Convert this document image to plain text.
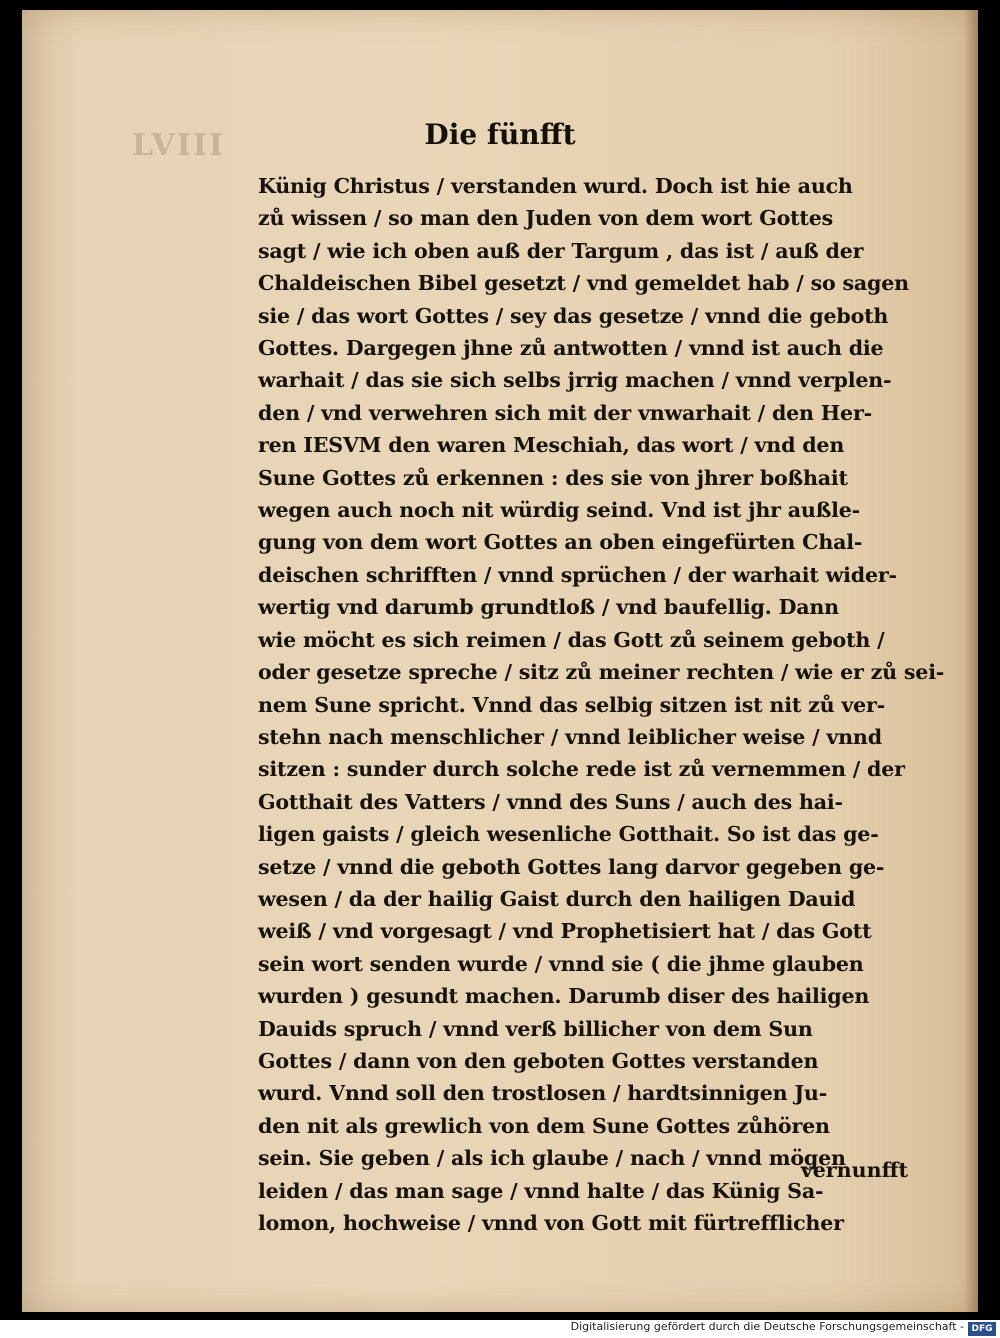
LVIII	Die fünfft
Künig Christus / verstanden wurd. Doch ist hie auch
zů wissen / so man den Juden von dem wort Gottes
sagt / wie ich oben auß der Targum , das ist / auß der
Chaldeischen Bibel gesetzt / vnd gemeldet hab / so sagen
sie / das wort Gottes / sey das gesetze / vnnd die geboth
Gottes. Dargegen jhne zů antwotten / vnnd ist auch die
warhait / das sie sich selbs jrrig machen / vnnd verplen-
den / vnd verwehren sich mit der vnwarhait / den Her-
ren IESVM den waren Meschiah, das wort / vnd den
Sune Gottes zů erkennen : des sie von jhrer boßhait
wegen auch noch nit würdig seind. Vnd ist jhr außle-
gung von dem wort Gottes an oben eingefürten Chal-
deischen schrifften / vnnd sprüchen / der warhait wider-
wertig vnd darumb grundtloß / vnd baufellig. Dann
wie möcht es sich reimen / das Gott zů seinem geboth /
oder gesetze spreche / sitz zů meiner rechten / wie er zů sei-
nem Sune spricht. Vnnd das selbig sitzen ist nit zů ver-
stehn nach menschlicher / vnnd leiblicher weise / vnnd
sitzen : sunder durch solche rede ist zů vernemmen / der
Gotthait des Vatters / vnnd des Suns / auch des hai-
ligen gaists / gleich wesenliche Gotthait. So ist das ge-
setze / vnnd die geboth Gottes lang darvor gegeben ge-
wesen / da der hailig Gaist durch den hailigen Dauid
weiß / vnd vorgesagt / vnd Prophetisiert hat / das Gott
sein wort senden wurde / vnnd sie ( die jhme glauben
wurden ) gesundt machen. Darumb diser des hailigen
Dauids spruch / vnnd verß billicher von dem Sun
Gottes / dann von den geboten Gottes verstanden
wurd. Vnnd soll den trostlosen / hardtsinnigen Ju-
den nit als grewlich von dem Sune Gottes zůhören
sein. Sie geben / als ich glaube / nach / vnnd mögen
leiden / das man sage / vnnd halte / das Künig Sa-
lomon, hochweise / vnnd von Gott mit fürtrefflicher
vernunfft
Digitalisierung gefördert durch die Deutsche Forschungsgemeinschaft - DFG
